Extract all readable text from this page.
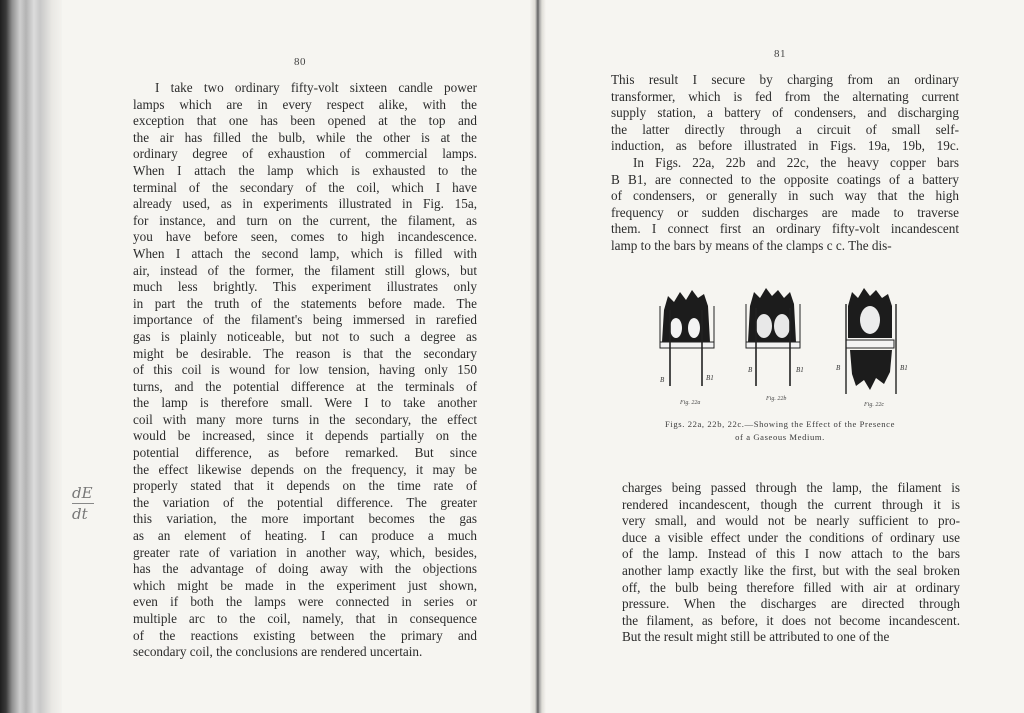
80
I take two ordinary fifty-volt sixteen candle power
lamps which are in every respect alike, with the
exception that one has been opened at the top and
the air has filled the bulb, while the other is at the
ordinary degree of exhaustion of commercial lamps.
When I attach the lamp which is exhausted to the
terminal of the secondary of the coil, which I have
already used, as in experiments illustrated in Fig. 15a,
for instance, and turn on the current, the filament, as
you have before seen, comes to high incandescence.
When I attach the second lamp, which is filled with
air, instead of the former, the filament still glows, but
much less brightly. This experiment illustrates only
in part the truth of the statements before made. The
importance of the filament's being immersed in rarefied
gas is plainly noticeable, but not to such a degree as
might be desirable. The reason is that the secondary
of this coil is wound for low tension, having only 150
turns, and the potential difference at the terminals of
the lamp is therefore small. Were I to take another
coil with many more turns in the secondary, the effect
would be increased, since it depends partially on the
potential difference, as before remarked. But since
the effect likewise depends on the frequency, it may be
properly stated that it depends on the time rate of
the variation of the potential difference. The greater
this variation, the more important becomes the gas
as an element of heating. I can produce a much
greater rate of variation in another way, which, besides,
has the advantage of doing away with the objections
which might be made in the experiment just shown,
even if both the lamps were connected in series or
multiple arc to the coil, namely, that in consequence
of the reactions existing between the primary and
secondary coil, the conclusions are rendered uncertain.
dE
dt
81
This result I secure by charging from an ordinary
transformer, which is fed from the alternating current
supply station, a battery of condensers, and discharging
the latter directly through a circuit of small self-
induction, as before illustrated in Figs. 19a, 19b, 19c.
In Figs. 22a, 22b and 22c, the heavy copper bars
B B1, are connected to the opposite coatings of a battery
of condensers, or generally in such way that the high
frequency or sudden discharges are made to traverse
them. I connect first an ordinary fifty-volt incandescent
lamp to the bars by means of the clamps c c. The dis-
B	B1
Fig. 22a
B	B1
Fig. 22b
B	B1
Fig. 22c
Figs. 22a, 22b, 22c.—Showing the Effect of the Presence
of a Gaseous Medium.
charges being passed through the lamp, the filament is
rendered incandescent, though the current through it is
very small, and would not be nearly sufficient to pro-
duce a visible effect under the conditions of ordinary use
of the lamp. Instead of this I now attach to the bars
another lamp exactly like the first, but with the seal broken
off, the bulb being therefore filled with air at ordinary
pressure. When the discharges are directed through
the filament, as before, it does not become incandescent.
But the result might still be attributed to one of the
